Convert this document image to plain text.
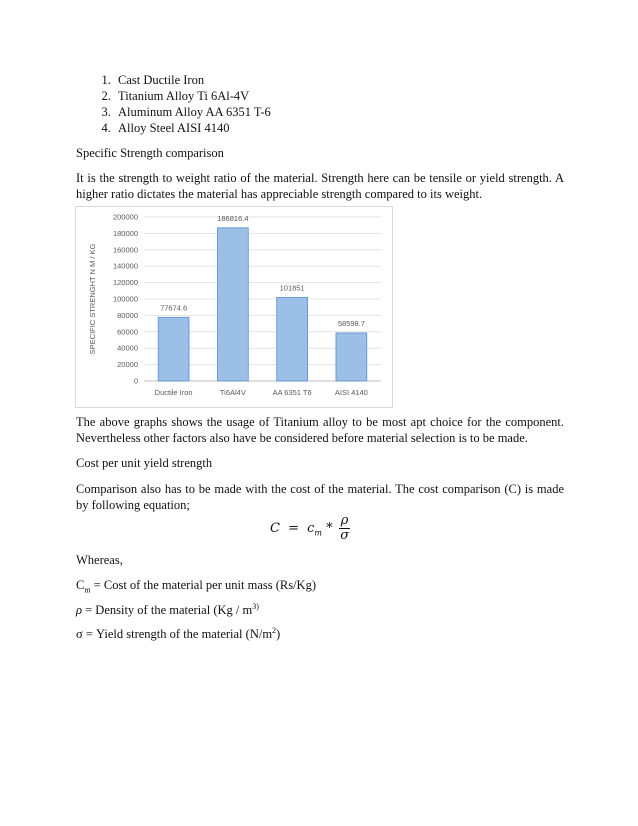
1. Cast Ductile Iron
2. Titanium Alloy Ti 6Al-4V
3. Aluminum Alloy AA 6351 T-6
4. Alloy Steel AISI 4140
Specific Strength comparison
It is the strength to weight ratio of the material. Strength here can be tensile or yield strength. A higher ratio dictates the material has appreciable strength compared to its weight.
0
20000
40000
60000
80000
100000
120000
140000
160000
180000
200000
77674.6
186816.4
101851
58598.7
Ductile Iron	Ti6Al4V	AA 6351 T6	AISI 4140
SPECIFIC STRENGHT N M / KG
The above graphs shows the usage of Titanium alloy to be most apt choice for the component. Nevertheless other factors also have be considered before material selection is to be made.
Cost per unit yield strength
Comparison also has to be made with the cost of the material. The cost comparison (C) is made by following equation;
$C = c_m * \frac{\rho}{\sigma}$
Whereas,
$C_m$ = Cost of the material per unit mass (Rs/Kg)
ρ = Density of the material ($Kg / m^{3)}$
σ = Yield strength of the material $(N/m^2)$
